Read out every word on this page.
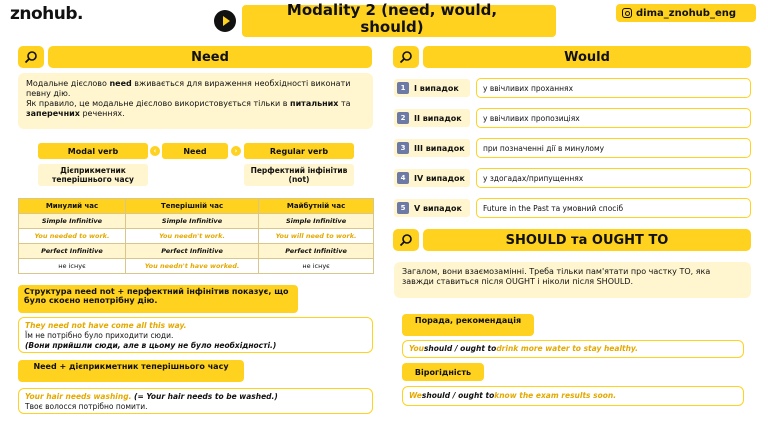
znohub.	Modality 2 (need, would, should)
dima_znohub_eng
Need
Модальне дієслово need вживається для вираження необхідності виконати певну дію.
Як правило, це модальне дієслово використовується тільки в питальних та заперечних реченнях.
Modal verb	‹	Need	›	Regular verb
Дієприкметник теперішнього часу
Перфектний інфінітив (not)
Минулий час	Теперішній час	Майбутній час
Simple Infinitive	Simple Infinitive	Simple Infinitive
You needed to work.	You needn't work.	You will need to work.
Perfect Infinitive	Perfect Infinitive	Perfect Infinitive
не існує	You needn't have worked.	не існує
Структура need not + перфектний інфінітив показує, що було скоєно непотрібну дію.
They need not have come all this way.
Їм не потрібно було приходити сюди.
(Вони прийшли сюди, але в цьому не було необхідності.)
Need + дієприкметник теперішнього часу
Your hair needs washing. (= Your hair needs to be washed.)
Твоє волосся потрібно помити.
Would
1	I випадок	у ввічливих проханнях
2	II випадок	у ввічливих пропозиціях
3	III випадок	при позначенні дії в минулому
4	IV випадок	у здогадах/припущеннях
5	V випадок	Future in the Past та умовний спосіб
SHOULD та OUGHT TO
Загалом, вони взаємозамінні. Треба тільки пам'ятати про частку TO, яка завжди ставиться після OUGHT і ніколи після SHOULD.
Порада, рекомендація
You should / ought to drink more water to stay healthy.
Вірогідність
We should / ought to know the exam results soon.
